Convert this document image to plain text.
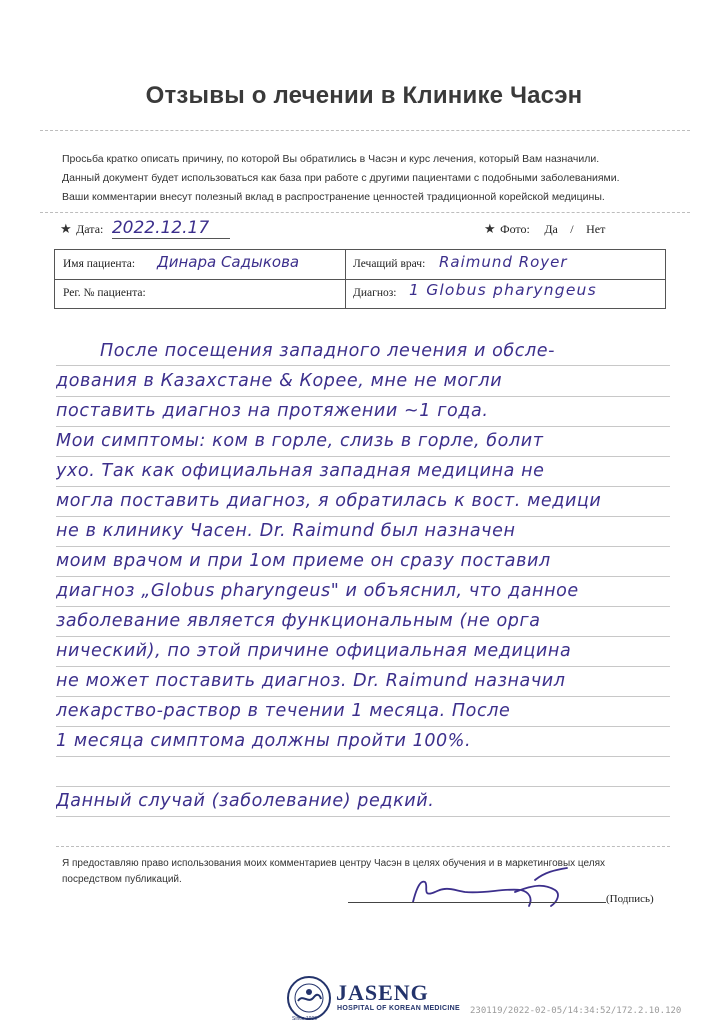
Отзывы о лечении в Клинике Часэн
Просьба кратко описать причину, по которой Вы обратились в Часэн и курс лечения, который Вам назначили.
Данный документ будет использоваться как база при работе с другими пациентами с подобными заболеваниями.
Ваши комментарии внесут полезный вклад в распространение ценностей традиционной корейской медицины.
★ Дата: 2022.12.17	★ Фото: Да / Нет
Имя пациента: Динара Садыкова	Лечащий врач: Raimund Royer
Рег. № пациента:	Диагноз: 1 Globus pharyngeus
После посещения западного лечения и обсле-
дования в Казахстане & Корее, мне не могли
поставить диагноз на протяжении ~1 года.
Мои симптомы: ком в горле, слизь в горле, болит
ухо. Так как официальная западная медицина не
могла поставить диагноз, я обратилась к вост. медици
не в клинику Часен. Dr. Raimund был назначен
моим врачом и при 1ом приеме он сразу поставил
диагноз „Globus pharyngeus" и объяснил, что данное
заболевание является функциональным (не орга
нический), по этой причине официальная медицина
не может поставить диагноз. Dr. Raimund назначил
лекарство-раствор в течении 1 месяца. После
1 месяца симптома должны пройти 100%.
Данный случай (заболевание) редкий.
Я предоставляю право использования моих комментариев центру Часэн в целях обучения и в маркетинговых целях
посредством публикаций.
(Подпись)
JASENG
HOSPITAL OF KOREAN MEDICINE
Since 1990
230119/2022-02-05/14:34:52/172.2.10.120
